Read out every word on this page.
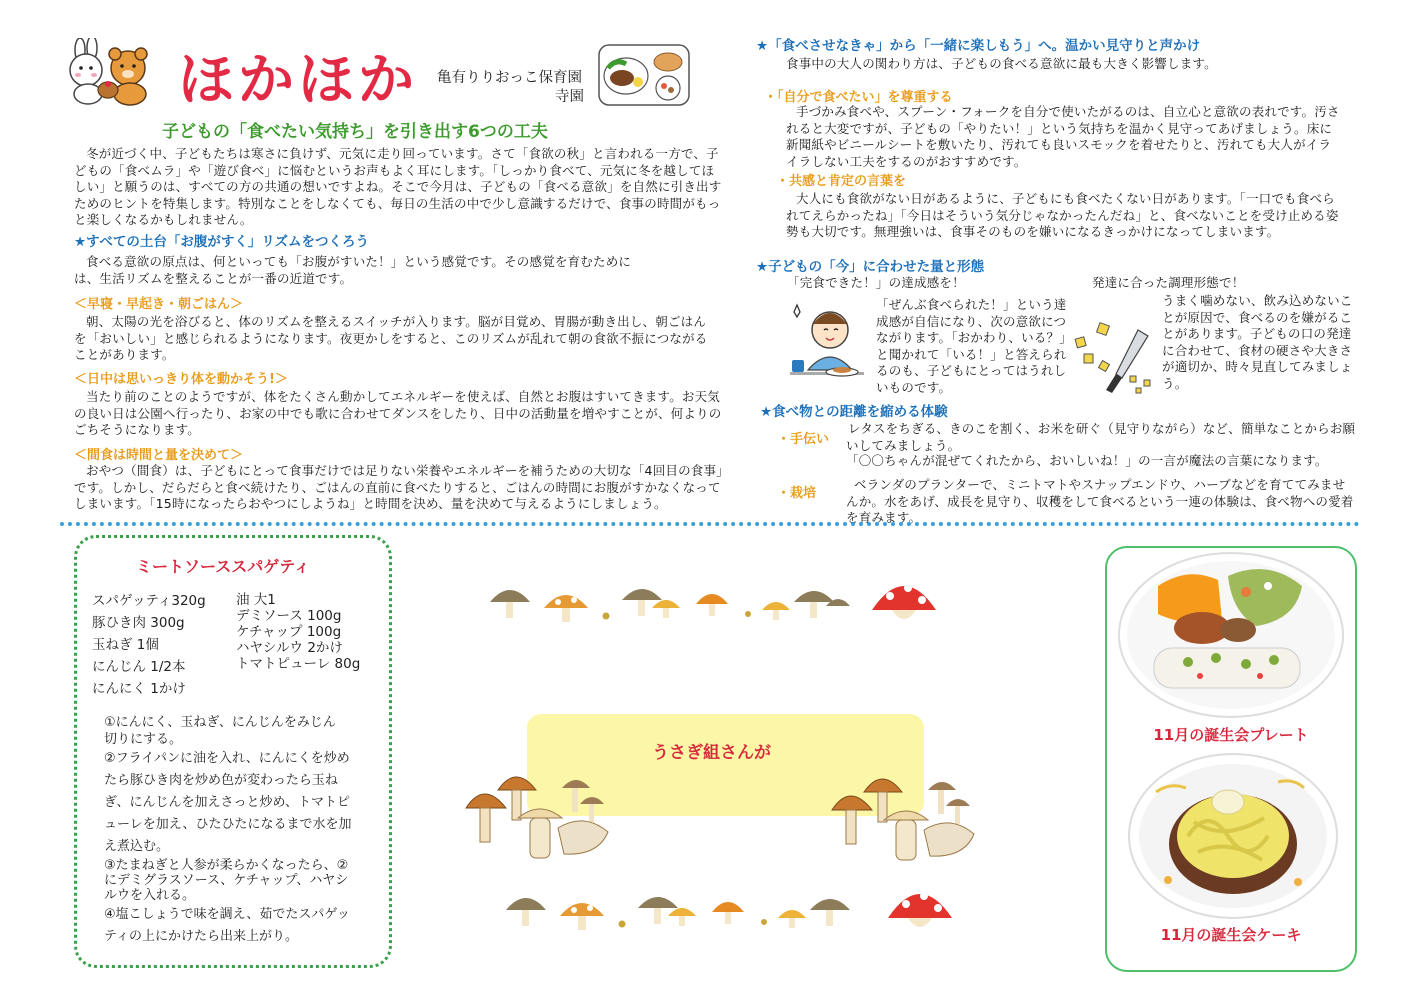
ほかほか 亀有りりおっこ保育園
寺園
子どもの「食べたい気持ち」を引き出す6つの工夫
冬が近づく中、子どもたちは寒さに負けず、元気に走り回っています。さて「食欲の秋」と言われる一方で、子どもの「食べムラ」や「遊び食べ」に悩むというお声もよく耳にします。「しっかり食べて、元気に冬を越してほしい」と願うのは、すべての方の共通の想いですよね。そこで今月は、子どもの「食べる意欲」を自然に引き出すためのヒントを特集します。特別なことをしなくても、毎日の生活の中で少し意識するだけで、食事の時間がもっと楽しくなるかもしれません。
★すべての土台「お腹がすく」リズムをつくろう
食べる意欲の原点は、何といっても「お腹がすいた！」という感覚です。その感覚を育むためには、生活リズムを整えることが一番の近道です。
＜早寝・早起き・朝ごはん＞
朝、太陽の光を浴びると、体のリズムを整えるスイッチが入ります。脳が目覚め、胃腸が動き出し、朝ごはんを「おいしい」と感じられるようになります。夜更かしをすると、このリズムが乱れて朝の食欲不振につながることがあります。
＜日中は思いっきり体を動かそう!＞
当たり前のことのようですが、体をたくさん動かしてエネルギーを使えば、自然とお腹はすいてきます。お天気の良い日は公園へ行ったり、お家の中でも歌に合わせてダンスをしたり、日中の活動量を増やすことが、何よりのごちそうになります。
＜間食は時間と量を決めて＞
おやつ（間食）は、子どもにとって食事だけでは足りない栄養やエネルギーを補うための大切な「4回目の食事」です。しかし、だらだらと食べ続けたり、ごはんの直前に食べたりすると、ごはんの時間にお腹がすかなくなってしまいます。「15時になったらおやつにしようね」と時間を決め、量を決めて与えるようにしましょう。
★「食べさせなきゃ」から「一緒に楽しもう」へ。温かい見守りと声かけ
食事中の大人の関わり方は、子どもの食べる意欲に最も大きく影響します。
・「自分で食べたい」を尊重する
手づかみ食べや、スプーン・フォークを自分で使いたがるのは、自立心と意欲の表れです。汚されると大変ですが、子どもの「やりたい！」という気持ちを温かく見守ってあげましょう。床に新聞紙やビニールシートを敷いたり、汚れても良いスモックを着せたりと、汚れても大人がイライラしない工夫をするのがおすすめです。
・共感と肯定の言葉を
大人にも食欲がない日があるように、子どもにも食べたくない日があります。「一口でも食べられてえらかったね」「今日はそういう気分じゃなかったんだね」と、食べないことを受け止める姿勢も大切です。無理強いは、食事そのものを嫌いになるきっかけになってしまいます。
★子どもの「今」に合わせた量と形態
「完食できた！」の達成感を！
「ぜんぶ食べられた！」という達成感が自信になり、次の意欲につながります。「おかわり、いる？」と聞かれて「いる！」と答えられるのも、子どもにとってはうれしいものです。
発達に合った調理形態で！
うまく噛めない、飲み込めないことが原因で、食べるのを嫌がることがあります。子どもの口の発達に合わせて、食材の硬さや大きさが適切か、時々見直してみましょう。
★食べ物との距離を縮める体験
・手伝い
レタスをちぎる、きのこを割く、お米を研ぐ（見守りながら）など、簡単なことからお願いしてみましょう。
「〇〇ちゃんが混ぜてくれたから、おいしいね！」の一言が魔法の言葉になります。
・栽培
ベランダのプランターで、ミニトマトやスナップエンドウ、ハーブなどを育ててみませんか。水をあげ、成長を見守り、収穫をして食べるという一連の体験は、食べ物への愛着を育みます。
ミートソーススパゲティ
スパゲッティ320g
豚ひき肉 300g
玉ねぎ 1個
にんじん 1/2本
にんにく 1かけ
油 大1
デミソース 100g
ケチャップ 100g
ハヤシルウ 2かけ
トマトピューレ 80g
①にんにく、玉ねぎ、にんじんをみじん切りにする。
②フライパンに油を入れ、にんにくを炒めたら豚ひき肉を炒め色が変わったら玉ねぎ、にんじんを加えさっと炒め、トマトピューレを加え、ひたひたになるまで水を加え煮込む。
③たまねぎと人参が柔らかくなったら、②にデミグラスソース、ケチャップ、ハヤシルウを入れる。
④塩こしょうで味を調え、茹でたスパゲッティの上にかけたら出来上がり。
うさぎ組さんが
11月の誕生会プレート
11月の誕生会ケーキ
